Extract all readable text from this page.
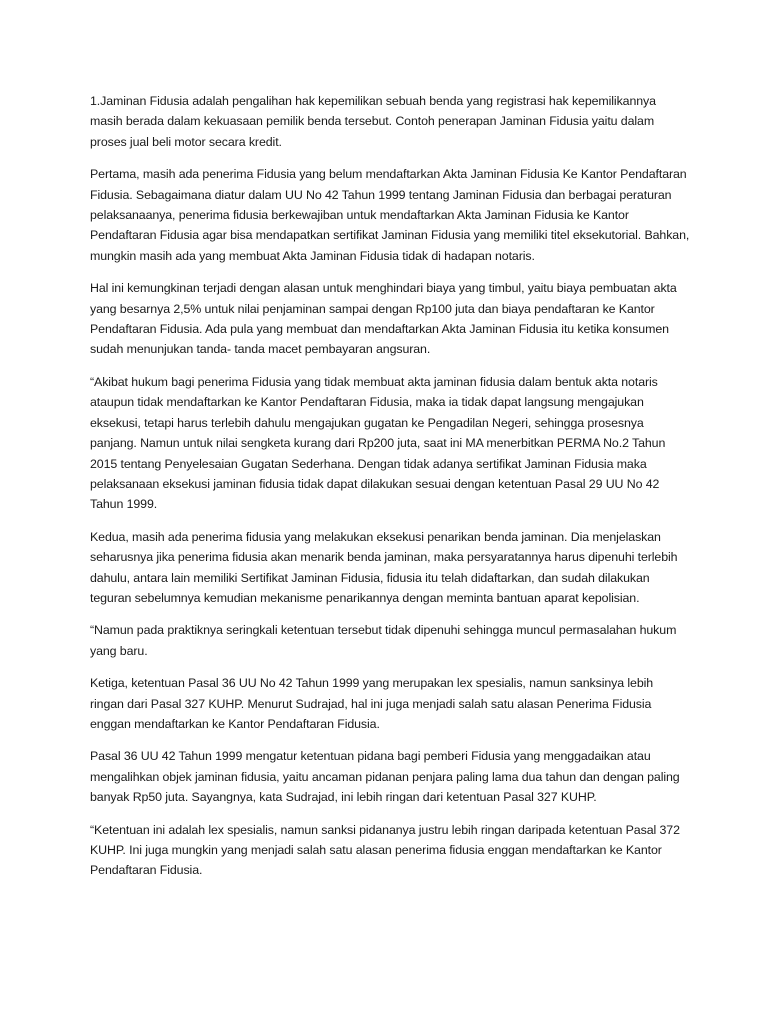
1.Jaminan Fidusia adalah pengalihan hak kepemilikan sebuah benda yang registrasi hak kepemilikannya masih berada dalam kekuasaan pemilik benda tersebut. Contoh penerapan Jaminan Fidusia yaitu dalam proses jual beli motor secara kredit.

Pertama, masih ada penerima Fidusia yang belum mendaftarkan Akta Jaminan Fidusia Ke Kantor Pendaftaran Fidusia. Sebagaimana diatur dalam UU No 42 Tahun 1999 tentang Jaminan Fidusia dan berbagai peraturan pelaksanaanya, penerima fidusia berkewajiban untuk mendaftarkan Akta Jaminan Fidusia ke Kantor Pendaftaran Fidusia agar bisa mendapatkan sertifikat Jaminan Fidusia yang memiliki titel eksekutorial. Bahkan, mungkin masih ada yang membuat Akta Jaminan Fidusia tidak di hadapan notaris.

Hal ini kemungkinan terjadi dengan alasan untuk menghindari biaya yang timbul, yaitu biaya pembuatan akta yang besarnya 2,5% untuk nilai penjaminan sampai dengan Rp100 juta dan biaya pendaftaran ke Kantor Pendaftaran Fidusia. Ada pula yang membuat dan mendaftarkan Akta Jaminan Fidusia itu ketika konsumen sudah menunjukan tanda- tanda macet pembayaran angsuran.

“Akibat hukum bagi penerima Fidusia yang tidak membuat akta jaminan fidusia dalam bentuk akta notaris ataupun tidak mendaftarkan ke Kantor Pendaftaran Fidusia, maka ia tidak dapat langsung mengajukan eksekusi, tetapi harus terlebih dahulu mengajukan gugatan ke Pengadilan Negeri, sehingga prosesnya panjang. Namun untuk nilai sengketa kurang dari Rp200 juta, saat ini MA menerbitkan PERMA No.2 Tahun 2015 tentang Penyelesaian Gugatan Sederhana. Dengan tidak adanya sertifikat Jaminan Fidusia maka pelaksanaan eksekusi jaminan fidusia tidak dapat dilakukan sesuai dengan ketentuan Pasal 29 UU No 42 Tahun 1999.

Kedua, masih ada penerima fidusia yang melakukan eksekusi penarikan benda jaminan. Dia menjelaskan seharusnya jika penerima fidusia akan menarik benda jaminan, maka persyaratannya harus dipenuhi terlebih dahulu, antara lain memiliki Sertifikat Jaminan Fidusia, fidusia itu telah didaftarkan, dan sudah dilakukan teguran sebelumnya kemudian mekanisme penarikannya dengan meminta bantuan aparat kepolisian.

“Namun pada praktiknya seringkali ketentuan tersebut tidak dipenuhi sehingga muncul permasalahan hukum yang baru.

Ketiga, ketentuan Pasal 36 UU No 42 Tahun 1999 yang merupakan lex spesialis, namun sanksinya lebih ringan dari Pasal 327 KUHP. Menurut Sudrajad, hal ini juga menjadi salah satu alasan Penerima Fidusia enggan mendaftarkan ke Kantor Pendaftaran Fidusia.

Pasal 36 UU 42 Tahun 1999 mengatur ketentuan pidana bagi pemberi Fidusia yang menggadaikan atau mengalihkan objek jaminan fidusia, yaitu ancaman pidanan penjara paling lama dua tahun dan dengan paling banyak Rp50 juta. Sayangnya, kata Sudrajad, ini lebih ringan dari ketentuan Pasal 327 KUHP.

“Ketentuan ini adalah lex spesialis, namun sanksi pidananya justru lebih ringan daripada ketentuan Pasal 372 KUHP. Ini juga mungkin yang menjadi salah satu alasan penerima fidusia enggan mendaftarkan ke Kantor Pendaftaran Fidusia.
